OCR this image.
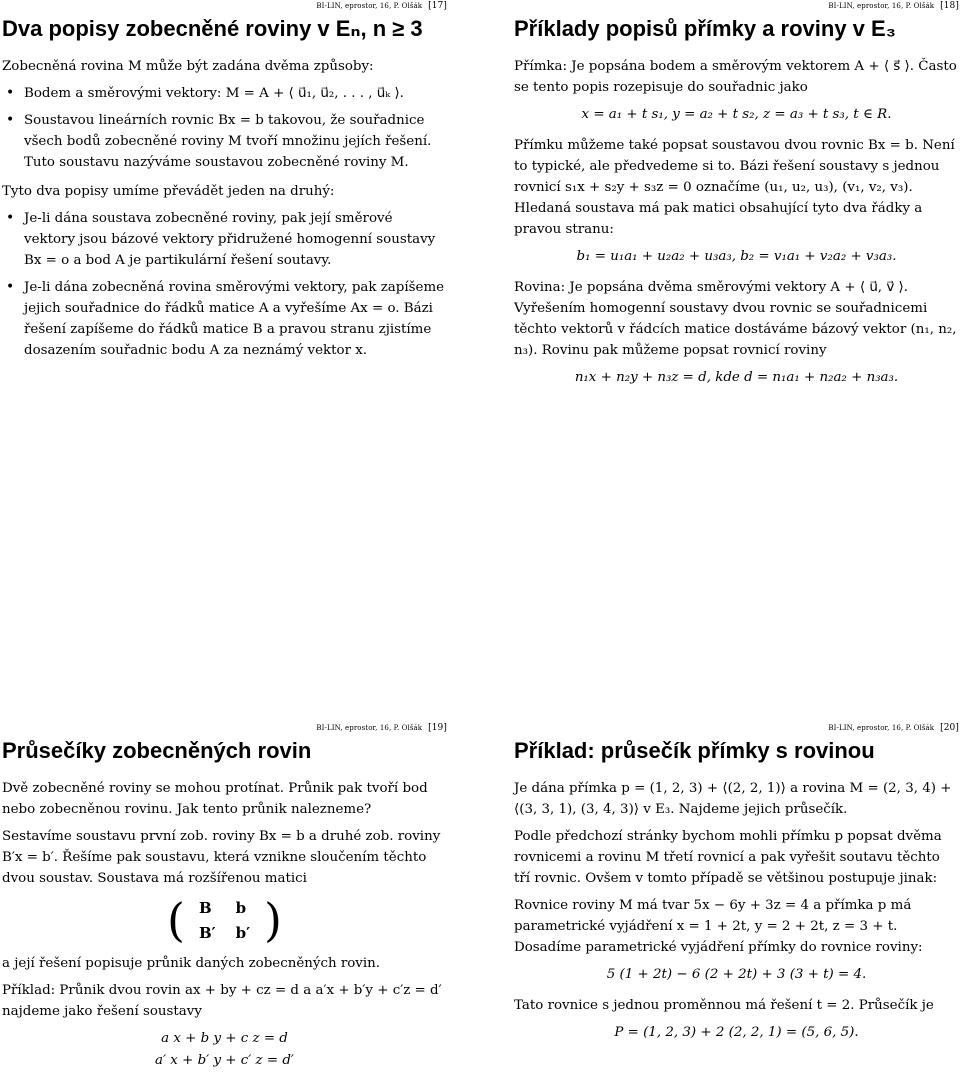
BI-LIN, eprostor, 16, P. Olšák [17]
Dva popisy zobecněné roviny v Eₙ, n ≥ 3

Zobecněná rovina M může být zadána dvěma způsoby:

• Bodem a směrovými vektory: M = A + ⟨ u⃗₁, u⃗₂, . . . , u⃗ₖ ⟩.
• Soustavou lineárních rovnic Bx = b takovou, že souřadnice všech bodů zobecněné roviny M tvoří množinu jejích řešení. Tuto soustavu nazýváme soustavou zobecněné roviny M.

Tyto dva popisy umíme převádět jeden na druhý:

• Je-li dána soustava zobecněné roviny, pak její směrové vektory jsou bázové vektory přidružené homogenní soustavy Bx = o a bod A je partikulární řešení soutavy.
• Je-li dána zobecněná rovina směrovými vektory, pak zapíšeme jejich souřadnice do řádků matice A a vyřešíme Ax = o. Bázi řešení zapíšeme do řádků matice B a pravou stranu zjistíme dosazením souřadnic bodu A za neznámý vektor x.
BI-LIN, eprostor, 16, P. Olšák [18]
Příklady popisů přímky a roviny v E₃

Přímka: Je popsána bodem a směrovým vektorem A + ⟨ s⃗ ⟩. Často se tento popis rozepisuje do souřadnic jako

x = a₁ + t s₁, y = a₂ + t s₂, z = a₃ + t s₃, t ∈ R.

Přímku můžeme také popsat soustavou dvou rovnic Bx = b. Není to typické, ale předvedeme si to. Bázi řešení soustavy s jednou rovnicí s₁x + s₂y + s₃z = 0 označíme (u₁, u₂, u₃), (v₁, v₂, v₃). Hledaná soustava má pak matici obsahující tyto dva řádky a pravou stranu:

b₁ = u₁a₁ + u₂a₂ + u₃a₃, b₂ = v₁a₁ + v₂a₂ + v₃a₃.

Rovina: Je popsána dvěma směrovými vektory A + ⟨ u⃗, v⃗ ⟩. Vyřešením homogenní soustavy dvou rovnic se souřadnicemi těchto vektorů v řádcích matice dostáváme bázový vektor (n₁, n₂, n₃). Rovinu pak můžeme popsat rovnicí roviny

n₁x + n₂y + n₃z = d, kde d = n₁a₁ + n₂a₂ + n₃a₃.
BI-LIN, eprostor, 16, P. Olšák [19]
Průsečíky zobecněných rovin

Dvě zobecněné roviny se mohou protínat. Průnik pak tvoří bod nebo zobecněnou rovinu. Jak tento průnik nalezneme?

Sestavíme soustavu první zob. roviny Bx = b a druhé zob. roviny B′x = b′. Řešíme pak soustavu, která vznikne sloučením těchto dvou soustav. Soustava má rozšířenou matici

( B	b
B′	b′ )

a její řešení popisuje průnik daných zobecněných rovin.

Příklad: Průnik dvou rovin ax + by + cz = d a a′x + b′y + c′z = d′ najdeme jako řešení soustavy

a x + b y + c z = d
a′ x + b′ y + c′ z = d′
BI-LIN, eprostor, 16, P. Olšák [20]
Příklad: průsečík přímky s rovinou

Je dána přímka p = (1, 2, 3) + ⟨(2, 2, 1)⟩ a rovina M = (2, 3, 4) + ⟨(3, 3, 1), (3, 4, 3)⟩ v E₃. Najdeme jejich průsečík.

Podle předchozí stránky bychom mohli přímku p popsat dvěma rovnicemi a rovinu M třetí rovnicí a pak vyřešit soutavu těchto tří rovnic. Ovšem v tomto případě se většinou postupuje jinak:

Rovnice roviny M má tvar 5x − 6y + 3z = 4 a přímka p má parametrické vyjádření x = 1 + 2t, y = 2 + 2t, z = 3 + t. Dosadíme parametrické vyjádření přímky do rovnice roviny:

5 (1 + 2t) − 6 (2 + 2t) + 3 (3 + t) = 4.

Tato rovnice s jednou proměnnou má řešení t = 2. Průsečík je

P = (1, 2, 3) + 2 (2, 2, 1) = (5, 6, 5).
